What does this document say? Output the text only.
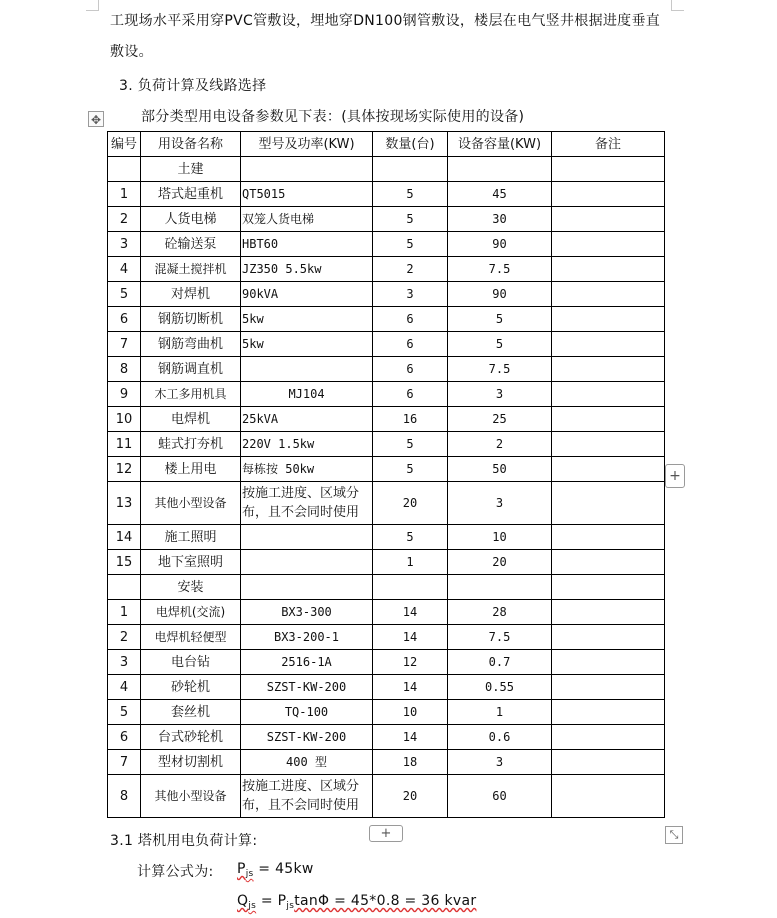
工现场水平采用穿PVC管敷设，埋地穿DN100钢管敷设，楼层在电气竖井根据进度垂直
敷设。
3. 负荷计算及线路选择
部分类型用电设备参数见下表：(具体按现场实际使用的设备)
✥
编号	用设备名称	型号及功率(KW)	数量(台)	设备容量(KW)	备注
	土建				
1	塔式起重机	QT5015	5	45	
2	人货电梯	双笼人货电梯	5	30	
3	砼输送泵	HBT60	5	90	
4	混凝土搅拌机	JZ350 5.5kw	2	7.5	
5	对焊机	90kVA	3	90	
6	钢筋切断机	5kw	6	5	
7	钢筋弯曲机	5kw	6	5	
8	钢筋调直机		6	7.5	
9	木工多用机具	MJ104	6	3	
10	电焊机	25kVA	16	25	
11	蛙式打夯机	220V 1.5kw	5	2	
12	楼上用电	每栋按 50kw	5	50	
13	其他小型设备	按施工进度、区域分布，且不会同时使用	20	3	
14	施工照明		5	10	
15	地下室照明		1	20	
	安装				
1	电焊机(交流)	BX3-300	14	28	
2	电焊机轻便型	BX3-200-1	14	7.5	
3	电台钻	2516-1A	12	0.7	
4	砂轮机	SZST-KW-200	14	0.55	
5	套丝机	TQ-100	10	1	
6	台式砂轮机	SZST-KW-200	14	0.6	
7	型材切割机	400 型	18	3	
8	其他小型设备	按施工进度、区域分布，且不会同时使用	20	60	
+
+	⤡
3.1 塔机用电负荷计算:
计算公式为: $P_{js} = 45kw$
$Q_{js} = P_{js}\tan\Phi = 45*0.8 = 36$ kvar
